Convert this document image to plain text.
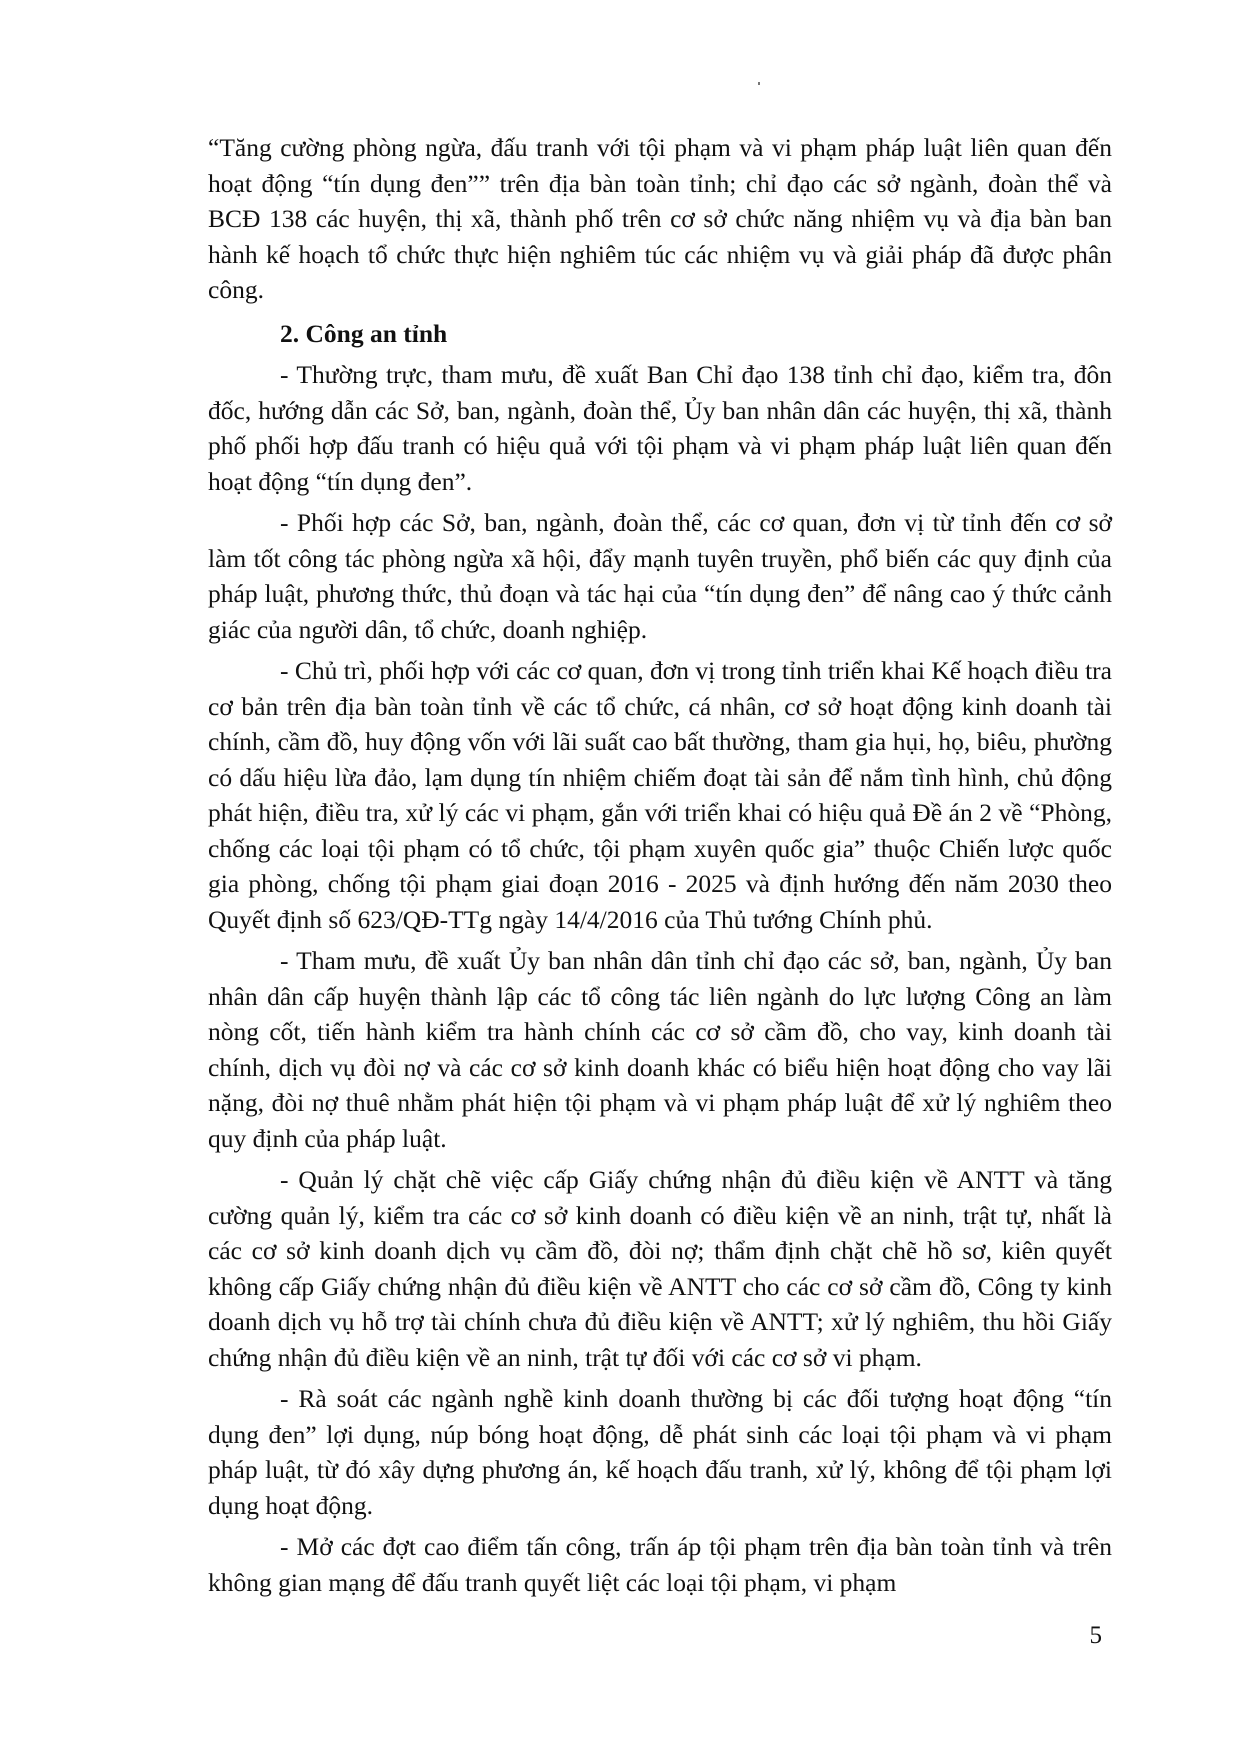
“Tăng cường phòng ngừa, đấu tranh với tội phạm và vi phạm pháp luật liên quan đến hoạt động “tín dụng đen”” trên địa bàn toàn tỉnh; chỉ đạo các sở ngành, đoàn thể và BCĐ 138 các huyện, thị xã, thành phố trên cơ sở chức năng nhiệm vụ và địa bàn ban hành kế hoạch tổ chức thực hiện nghiêm túc các nhiệm vụ và giải pháp đã được phân công.

2. Công an tỉnh

- Thường trực, tham mưu, đề xuất Ban Chỉ đạo 138 tỉnh chỉ đạo, kiểm tra, đôn đốc, hướng dẫn các Sở, ban, ngành, đoàn thể, Ủy ban nhân dân các huyện, thị xã, thành phố phối hợp đấu tranh có hiệu quả với tội phạm và vi phạm pháp luật liên quan đến hoạt động “tín dụng đen”.

- Phối hợp các Sở, ban, ngành, đoàn thể, các cơ quan, đơn vị từ tỉnh đến cơ sở làm tốt công tác phòng ngừa xã hội, đẩy mạnh tuyên truyền, phổ biến các quy định của pháp luật, phương thức, thủ đoạn và tác hại của “tín dụng đen” để nâng cao ý thức cảnh giác của người dân, tổ chức, doanh nghiệp.

- Chủ trì, phối hợp với các cơ quan, đơn vị trong tỉnh triển khai Kế hoạch điều tra cơ bản trên địa bàn toàn tỉnh về các tổ chức, cá nhân, cơ sở hoạt động kinh doanh tài chính, cầm đồ, huy động vốn với lãi suất cao bất thường, tham gia hụi, họ, biêu, phường có dấu hiệu lừa đảo, lạm dụng tín nhiệm chiếm đoạt tài sản để nắm tình hình, chủ động phát hiện, điều tra, xử lý các vi phạm, gắn với triển khai có hiệu quả Đề án 2 về “Phòng, chống các loại tội phạm có tổ chức, tội phạm xuyên quốc gia” thuộc Chiến lược quốc gia phòng, chống tội phạm giai đoạn 2016 - 2025 và định hướng đến năm 2030 theo Quyết định số 623/QĐ-TTg ngày 14/4/2016 của Thủ tướng Chính phủ.

- Tham mưu, đề xuất Ủy ban nhân dân tỉnh chỉ đạo các sở, ban, ngành, Ủy ban nhân dân cấp huyện thành lập các tổ công tác liên ngành do lực lượng Công an làm nòng cốt, tiến hành kiểm tra hành chính các cơ sở cầm đồ, cho vay, kinh doanh tài chính, dịch vụ đòi nợ và các cơ sở kinh doanh khác có biểu hiện hoạt động cho vay lãi nặng, đòi nợ thuê nhằm phát hiện tội phạm và vi phạm pháp luật để xử lý nghiêm theo quy định của pháp luật.

- Quản lý chặt chẽ việc cấp Giấy chứng nhận đủ điều kiện về ANTT và tăng cường quản lý, kiểm tra các cơ sở kinh doanh có điều kiện về an ninh, trật tự, nhất là các cơ sở kinh doanh dịch vụ cầm đồ, đòi nợ; thẩm định chặt chẽ hồ sơ, kiên quyết không cấp Giấy chứng nhận đủ điều kiện về ANTT cho các cơ sở cầm đồ, Công ty kinh doanh dịch vụ hỗ trợ tài chính chưa đủ điều kiện về ANTT; xử lý nghiêm, thu hồi Giấy chứng nhận đủ điều kiện về an ninh, trật tự đối với các cơ sở vi phạm.

- Rà soát các ngành nghề kinh doanh thường bị các đối tượng hoạt động “tín dụng đen” lợi dụng, núp bóng hoạt động, dễ phát sinh các loại tội phạm và vi phạm pháp luật, từ đó xây dựng phương án, kế hoạch đấu tranh, xử lý, không để tội phạm lợi dụng hoạt động.

- Mở các đợt cao điểm tấn công, trấn áp tội phạm trên địa bàn toàn tỉnh và trên không gian mạng để đấu tranh quyết liệt các loại tội phạm, vi phạm

5
